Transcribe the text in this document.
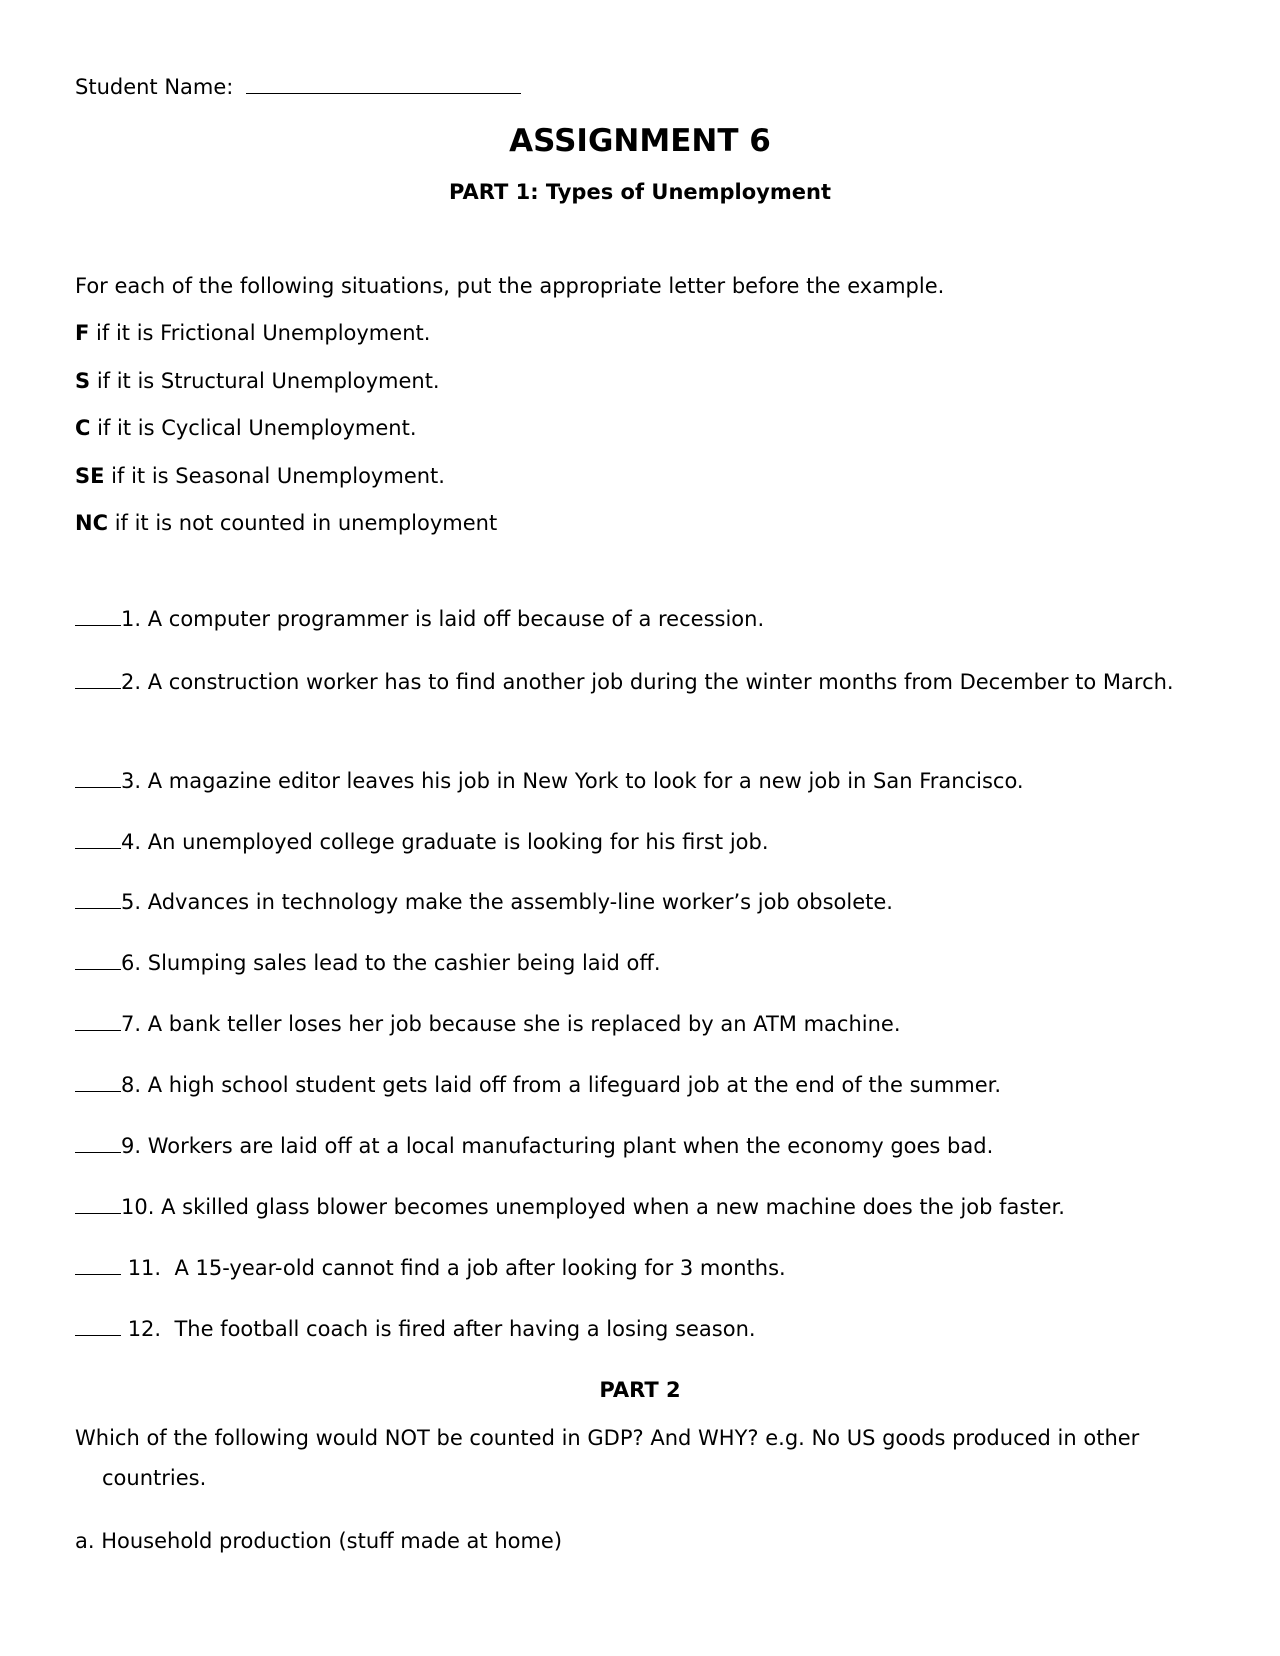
Student Name:
ASSIGNMENT 6
PART 1: Types of Unemployment
For each of the following situations, put the appropriate letter before the example.
F if it is Frictional Unemployment.
S if it is Structural Unemployment.
C if it is Cyclical Unemployment.
SE if it is Seasonal Unemployment.
NC if it is not counted in unemployment
1. A computer programmer is laid off because of a recession.
2. A construction worker has to find another job during the winter months from December to March.
3. A magazine editor leaves his job in New York to look for a new job in San Francisco.
4. An unemployed college graduate is looking for his first job.
5. Advances in technology make the assembly-line worker’s job obsolete.
6. Slumping sales lead to the cashier being laid off.
7. A bank teller loses her job because she is replaced by an ATM machine.
8. A high school student gets laid off from a lifeguard job at the end of the summer.
9. Workers are laid off at a local manufacturing plant when the economy goes bad.
10. A skilled glass blower becomes unemployed when a new machine does the job faster.
11. A 15-year-old cannot find a job after looking for 3 months.
12. The football coach is fired after having a losing season.
PART 2
Which of the following would NOT be counted in GDP? And WHY? e.g. No US goods produced in other countries.
a. Household production (stuff made at home)
